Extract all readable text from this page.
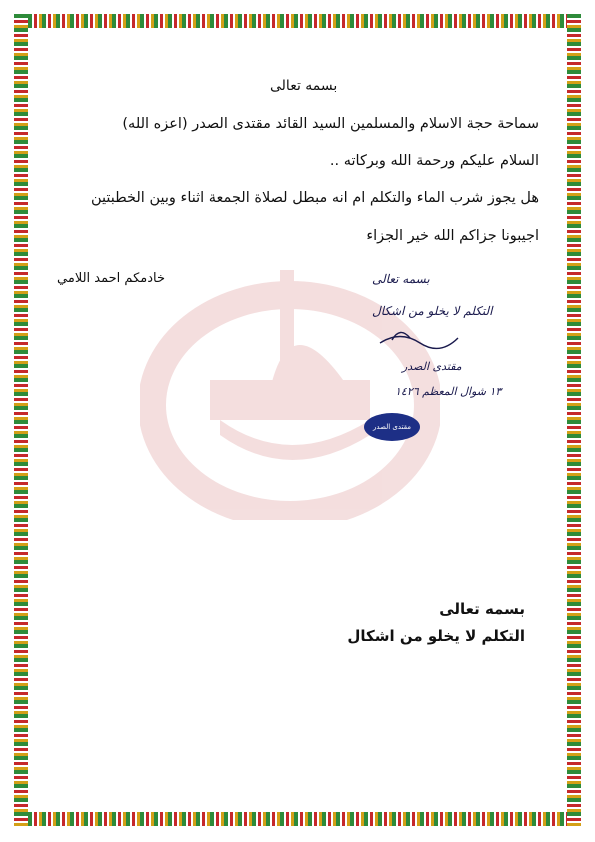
بسمه تعالى
سماحة حجة الاسلام والمسلمين السيد القائد مقتدى الصدر (اعزه الله)
السلام عليكم ورحمة الله وبركاته ..
هل يجوز شرب الماء والتكلم ام انه مبطل لصلاة الجمعة اثناء وبين الخطبتين
اجيبونا جزاكم الله خير الجزاء
خادمكم احمد اللامي	بسمه تعالى
التكلم لا يخلو من اشكال
مقتدى الصدر
١٣ شوال المعظم ١٤٢٦
مقتدى الصدر
بسمه تعالى
التكلم لا يخلو من اشكال
